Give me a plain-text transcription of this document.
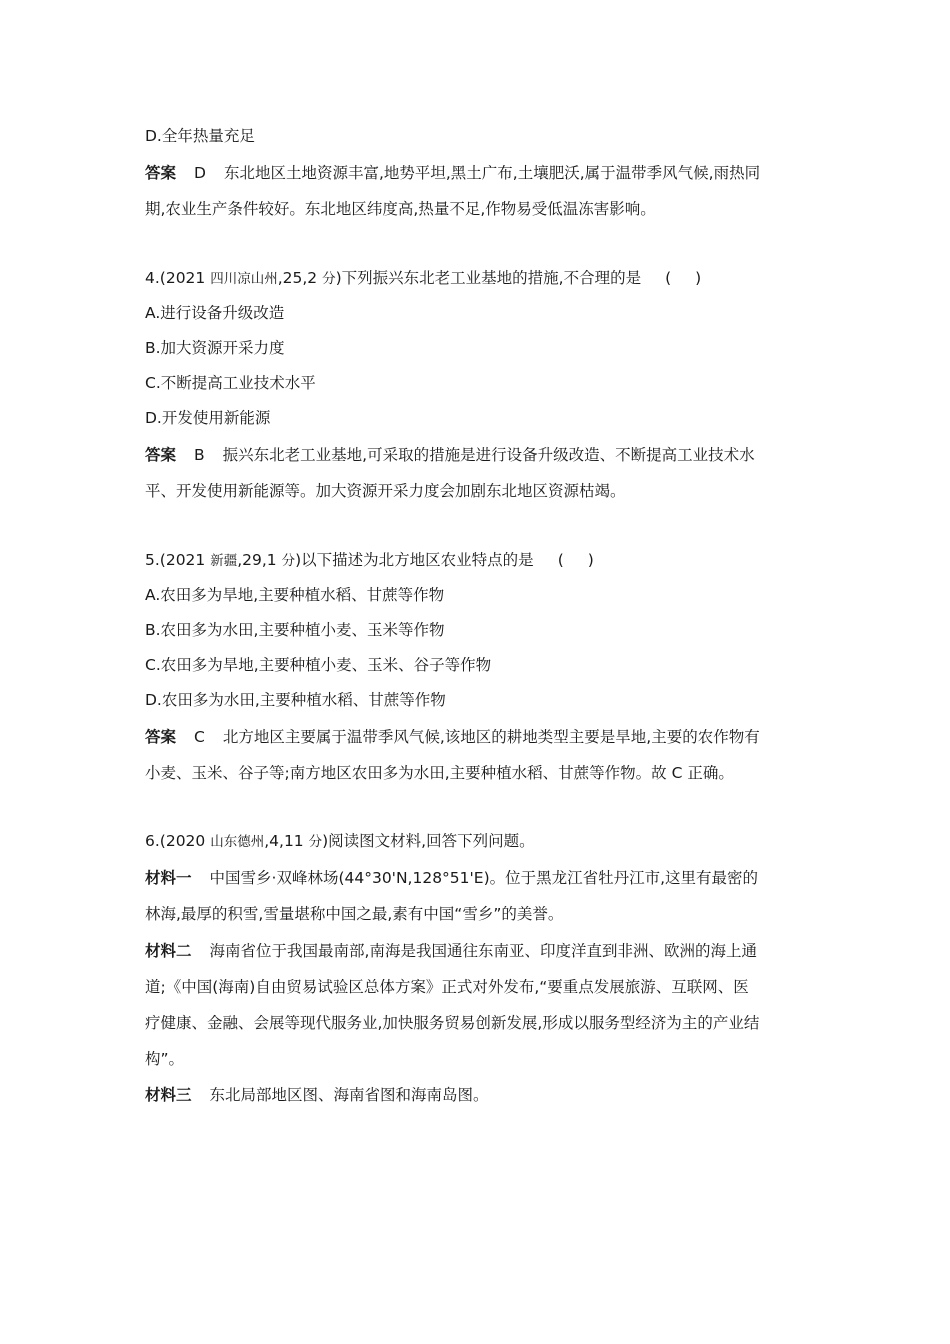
D.全年热量充足
答案 D 东北地区土地资源丰富,地势平坦,黑土广布,土壤肥沃,属于温带季风气候,雨热同
期,农业生产条件较好。东北地区纬度高,热量不足,作物易受低温冻害影响。
4.(2021 四川凉山州,25,2 分)下列振兴东北老工业基地的措施,不合理的是 ( )
A.进行设备升级改造
B.加大资源开采力度
C.不断提高工业技术水平
D.开发使用新能源
答案 B 振兴东北老工业基地,可采取的措施是进行设备升级改造、不断提高工业技术水
平、开发使用新能源等。加大资源开采力度会加剧东北地区资源枯竭。
5.(2021 新疆,29,1 分)以下描述为北方地区农业特点的是 ( )
A.农田多为旱地,主要种植水稻、甘蔗等作物
B.农田多为水田,主要种植小麦、玉米等作物
C.农田多为旱地,主要种植小麦、玉米、谷子等作物
D.农田多为水田,主要种植水稻、甘蔗等作物
答案 C 北方地区主要属于温带季风气候,该地区的耕地类型主要是旱地,主要的农作物有
小麦、玉米、谷子等;南方地区农田多为水田,主要种植水稻、甘蔗等作物。故 C 正确。
6.(2020 山东德州,4,11 分)阅读图文材料,回答下列问题。
材料一 中国雪乡·双峰林场(44°30'N,128°51'E)。位于黑龙江省牡丹江市,这里有最密的
林海,最厚的积雪,雪量堪称中国之最,素有中国“雪乡”的美誉。
材料二 海南省位于我国最南部,南海是我国通往东南亚、印度洋直到非洲、欧洲的海上通
道;《中国(海南)自由贸易试验区总体方案》正式对外发布,“要重点发展旅游、互联网、医
疗健康、金融、会展等现代服务业,加快服务贸易创新发展,形成以服务型经济为主的产业结
构”。
材料三 东北局部地区图、海南省图和海南岛图。
